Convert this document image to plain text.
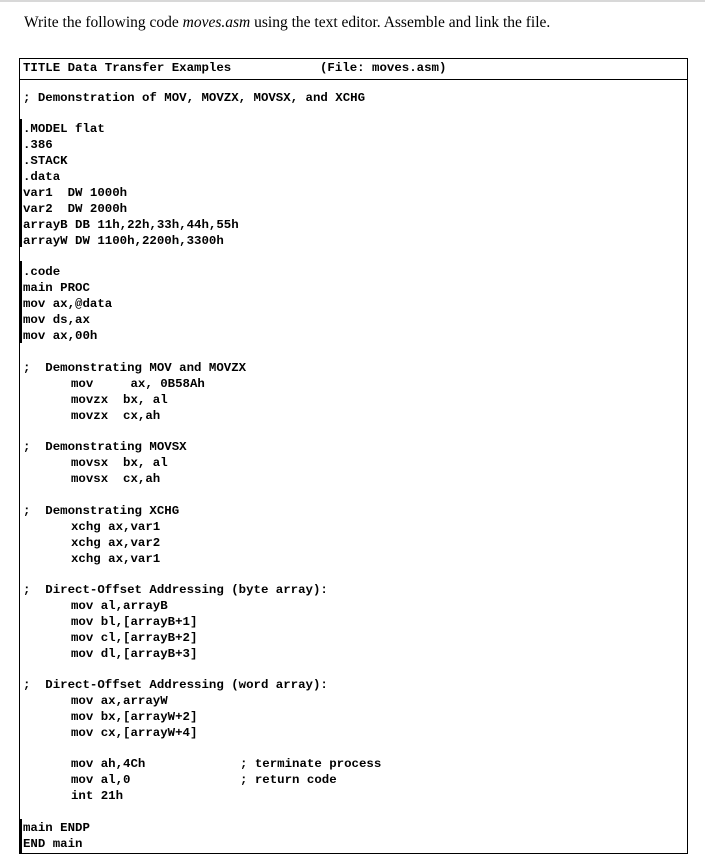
Write the following code moves.asm using the text editor. Assemble and link the file.
TITLE Data Transfer Examples	(File: moves.asm)
; Demonstration of MOV, MOVZX, MOVSX, and XCHG
.MODEL flat
.386
.STACK
.data
var1  DW 1000h
var2  DW 2000h
arrayB DB 11h,22h,33h,44h,55h
arrayW DW 1100h,2200h,3300h
.code
main PROC
mov ax,@data
mov ds,ax
mov ax,00h
;  Demonstrating MOV and MOVZX
mov     ax, 0B58Ah
movzx  bx, al
movzx  cx,ah
;  Demonstrating MOVSX
movsx  bx, al
movsx  cx,ah
;  Demonstrating XCHG
xchg ax,var1
xchg ax,var2
xchg ax,var1
;  Direct-Offset Addressing (byte array):
mov al,arrayB
mov bl,[arrayB+1]
mov cl,[arrayB+2]
mov dl,[arrayB+3]
;  Direct-Offset Addressing (word array):
mov ax,arrayW
mov bx,[arrayW+2]
mov cx,[arrayW+4]
mov ah,4Ch	; terminate process
mov al,0	; return code
int 21h
main ENDP
END main
